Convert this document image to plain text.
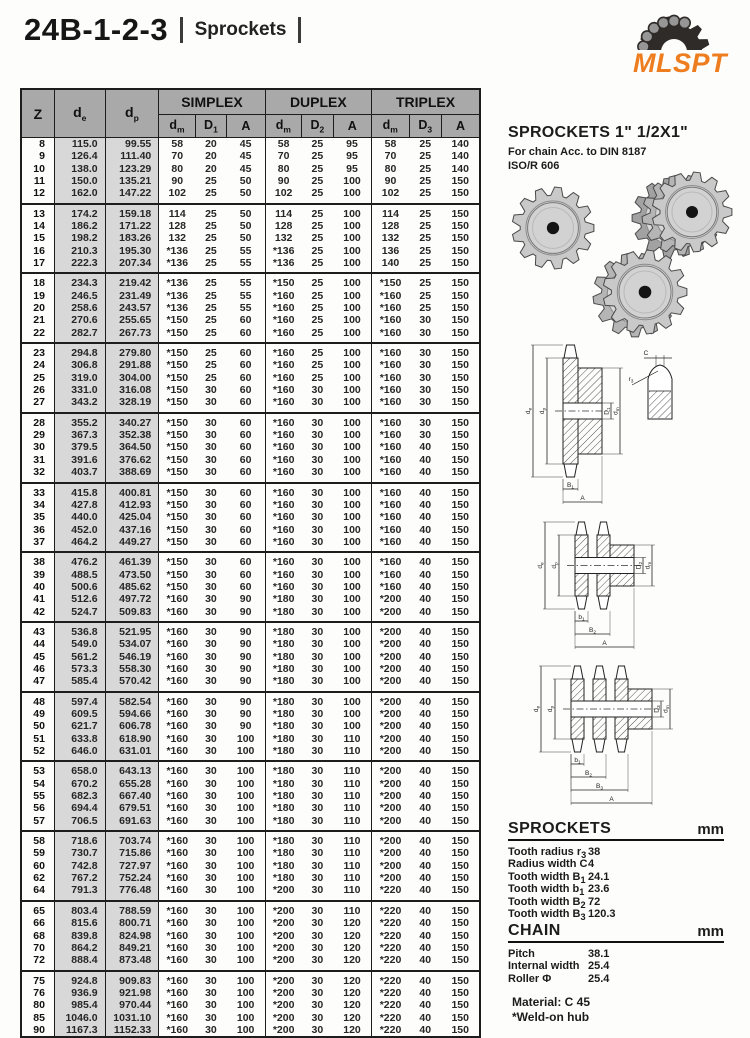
24B-1-2-3 Sprockets
MLSPT
Z	$d_e$	$d_p$	SIMPLEX			DUPLEX			TRIPLEX		
			$d_m$	$D_1$	A	$d_m$	$D_2$	A	$d_m$	$D_3$	A
8	115.0	99.55	58	20	45	58	25	95	58	25	140
9	126.4	111.40	70	20	45	70	25	95	70	25	140
10	138.0	123.29	80	20	45	80	25	95	80	25	140
11	150.0	135.21	90	25	50	90	25	100	90	25	150
12	162.0	147.22	102	25	50	102	25	100	102	25	150

13	174.2	159.18	114	25	50	114	25	100	114	25	150
14	186.2	171.22	128	25	50	128	25	100	128	25	150
15	198.2	183.26	132	25	50	132	25	100	132	25	150
16	210.3	195.30	*136	25	55	*136	25	100	136	25	150
17	222.3	207.34	*136	25	55	*136	25	100	140	25	150

18	234.3	219.42	*136	25	55	*150	25	100	*150	25	150
19	246.5	231.49	*136	25	55	*160	25	100	*160	25	150
20	258.6	243.57	*136	25	55	*160	25	100	*160	25	150
21	270.6	255.65	*150	25	60	*160	25	100	*160	30	150
22	282.7	267.73	*150	25	60	*160	25	100	*160	30	150

23	294.8	279.80	*150	25	60	*160	25	100	*160	30	150
24	306.8	291.88	*150	25	60	*160	25	100	*160	30	150
25	319.0	304.00	*150	25	60	*160	25	100	*160	30	150
26	331.0	316.08	*150	30	60	*160	30	100	*160	30	150
27	343.2	328.19	*150	30	60	*160	30	100	*160	30	150

28	355.2	340.27	*150	30	60	*160	30	100	*160	30	150
29	367.3	352.38	*150	30	60	*160	30	100	*160	30	150
30	379.5	364.50	*150	30	60	*160	30	100	*160	40	150
31	391.6	376.62	*150	30	60	*160	30	100	*160	40	150
32	403.7	388.69	*150	30	60	*160	30	100	*160	40	150

33	415.8	400.81	*150	30	60	*160	30	100	*160	40	150
34	427.8	412.93	*150	30	60	*160	30	100	*160	40	150
35	440.0	425.04	*150	30	60	*160	30	100	*160	40	150
36	452.0	437.16	*150	30	60	*160	30	100	*160	40	150
37	464.2	449.27	*150	30	60	*160	30	100	*160	40	150

38	476.2	461.39	*150	30	60	*160	30	100	*160	40	150
39	488.5	473.50	*150	30	60	*160	30	100	*160	40	150
40	500.6	485.62	*150	30	60	*160	30	100	*160	40	150
41	512.6	497.72	*160	30	90	*180	30	100	*200	40	150
42	524.7	509.83	*160	30	90	*180	30	100	*200	40	150

43	536.8	521.95	*160	30	90	*180	30	100	*200	40	150
44	549.0	534.07	*160	30	90	*180	30	100	*200	40	150
45	561.2	546.19	*160	30	90	*180	30	100	*200	40	150
46	573.3	558.30	*160	30	90	*180	30	100	*200	40	150
47	585.4	570.42	*160	30	90	*180	30	100	*200	40	150

48	597.4	582.54	*160	30	90	*180	30	100	*200	40	150
49	609.5	594.66	*160	30	90	*180	30	100	*200	40	150
50	621.7	606.78	*160	30	90	*180	30	100	*200	40	150
51	633.8	618.90	*160	30	100	*180	30	110	*200	40	150
52	646.0	631.01	*160	30	100	*180	30	110	*200	40	150

53	658.0	643.13	*160	30	100	*180	30	110	*200	40	150
54	670.2	655.28	*160	30	100	*180	30	110	*200	40	150
55	682.3	667.40	*160	30	100	*180	30	110	*200	40	150
56	694.4	679.51	*160	30	100	*180	30	110	*200	40	150
57	706.5	691.63	*160	30	100	*180	30	110	*200	40	150

58	718.6	703.74	*160	30	100	*180	30	110	*200	40	150
59	730.7	715.86	*160	30	100	*180	30	110	*200	40	150
60	742.8	727.97	*160	30	100	*180	30	110	*200	40	150
62	767.2	752.24	*160	30	100	*180	30	110	*200	40	150
64	791.3	776.48	*160	30	100	*200	30	110	*220	40	150

65	803.4	788.59	*160	30	100	*200	30	110	*220	40	150
66	815.6	800.71	*160	30	100	*200	30	120	*220	40	150
68	839.8	824.98	*160	30	100	*200	30	120	*220	40	150
70	864.2	849.21	*160	30	100	*200	30	120	*220	40	150
72	888.4	873.48	*160	30	100	*200	30	120	*220	40	150

75	924.8	909.83	*160	30	100	*200	30	120	*220	40	150
76	936.9	921.98	*160	30	100	*200	30	120	*220	40	150
80	985.4	970.44	*160	30	100	*200	30	120	*220	40	150
85	1046.0	1031.10	*160	30	100	*200	30	120	*220	40	150
90	1167.3	1152.33	*160	30	100	*200	30	120	*220	40	150
SPROCKETS 1" 1/2X1"
For chain Acc. to DIN 8187
ISO/R 606
$d_e$
$d_p$
$D_1$
$d_m$
$B_1$
A
C
$r_3$
$d_e$
$d_p$
$D_2$
$d_m$
$b_1$
$B_2$
A
$d_e$
$d_p$
$D_3$
$d_m$
$b_1$
$B_2$
$B_3$
A
SPROCKETS	mm
Tooth radius $r_3$ 38
Radius width C 4
Tooth width $B_1$ 24.1
Tooth width $b_1$ 23.6
Tooth width $B_2$ 72
Tooth width $B_3$ 120.3
CHAIN	mm
Pitch	38.1
Internal width 25.4
Roller Φ	25.4
Material: C 45
*Weld-on hub
